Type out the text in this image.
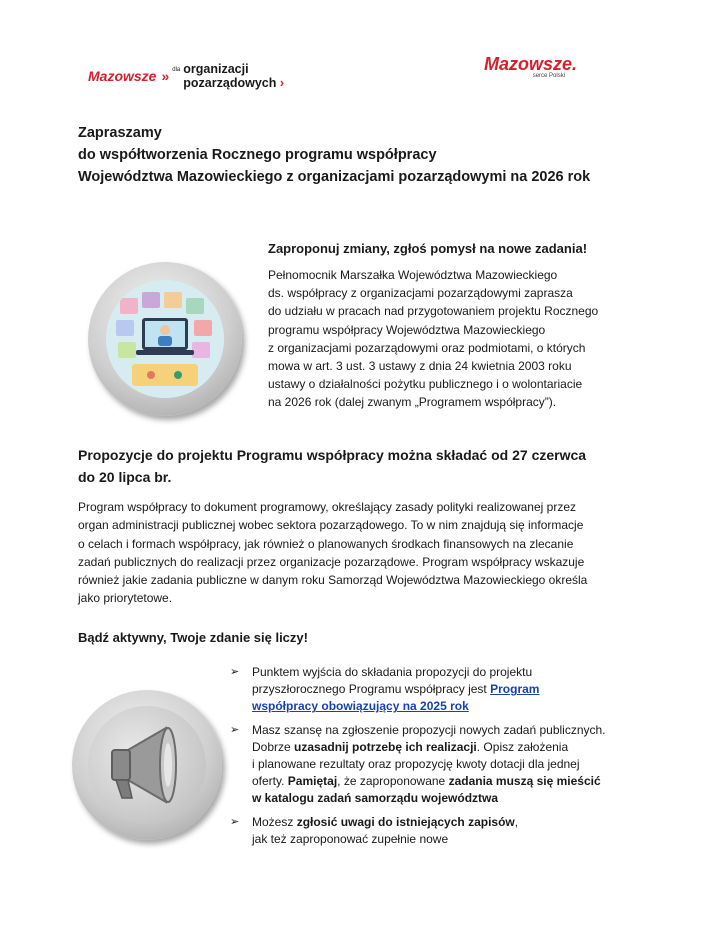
Mazowsze » dla organizacji
pozarządowych ›
Mazowsze.
serce Polski
Zapraszamy
do współtworzenia Rocznego programu współpracy
Województwa Mazowieckiego z organizacjami pozarządowymi na 2026 rok
Zaproponuj zmiany, zgłoś pomysł na nowe zadania!
Pełnomocnik Marszałka Województwa Mazowieckiego
ds. współpracy z organizacjami pozarządowymi zaprasza
do udziału w pracach nad przygotowaniem projektu Rocznego
programu współpracy Województwa Mazowieckiego
z organizacjami pozarządowymi oraz podmiotami, o których
mowa w art. 3 ust. 3 ustawy z dnia 24 kwietnia 2003 roku
ustawy o działalności pożytku publicznego i o wolontariacie
na 2026 rok (dalej zwanym „Programem współpracy”).
Propozycje do projektu Programu współpracy można składać od 27 czerwca
do 20 lipca br.
Program współpracy to dokument programowy, określający zasady polityki realizowanej przez
organ administracji publicznej wobec sektora pozarządowego. To w nim znajdują się informacje
o celach i formach współpracy, jak również o planowanych środkach finansowych na zlecanie
zadań publicznych do realizacji przez organizacje pozarządowe. Program współpracy wskazuje
również jakie zadania publiczne w danym roku Samorząd Województwa Mazowieckiego określa
jako priorytetowe.
Bądź aktywny, Twoje zdanie się liczy!
➢ Punktem wyjścia do składania propozycji do projektu
przyszłorocznego Programu współpracy jest Program
współpracy obowiązujący na 2025 rok
➢ Masz szansę na zgłoszenie propozycji nowych zadań publicznych.
Dobrze uzasadnij potrzebę ich realizacji. Opisz założenia
i planowane rezultaty oraz propozycję kwoty dotacji dla jednej
oferty. Pamiętaj, że zaproponowane zadania muszą się mieścić
w katalogu zadań samorządu województwa
➢ Możesz zgłosić uwagi do istniejących zapisów,
jak też zaproponować zupełnie nowe
